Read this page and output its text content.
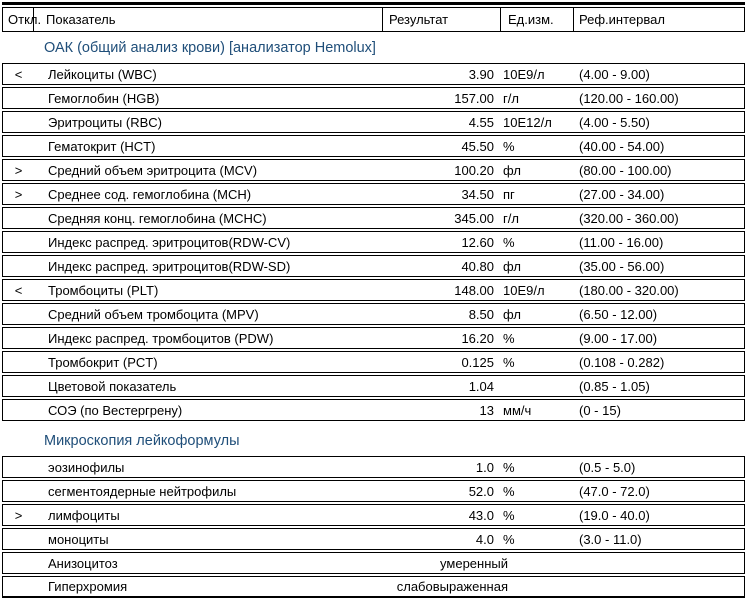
Откл. Показатель	Результат	Ед.изм.	Реф.интервал
ОАК (общий анализ крови) [анализатор Hemolux]
<	Лейкоциты (WBC)	3.90 10E9/л	(4.00 - 9.00)
Гемоглобин (HGB)	157.00 г/л	(120.00 - 160.00)
Эритроциты (RBC)	4.55 10E12/л	(4.00 - 5.50)
Гематокрит (HCT)	45.50 %	(40.00 - 54.00)
>	Средний объем эритроцита (MCV)	100.20 фл	(80.00 - 100.00)
>	Среднее сод. гемоглобина (MCH)	34.50 пг	(27.00 - 34.00)
Средняя конц. гемоглобина (MCHC)	345.00 г/л	(320.00 - 360.00)
Индекс распред. эритроцитов(RDW-CV)	12.60 %	(11.00 - 16.00)
Индекс распред. эритроцитов(RDW-SD)	40.80 фл	(35.00 - 56.00)
<	Тромбоциты (PLT)	148.00 10E9/л	(180.00 - 320.00)
Средний объем тромбоцита (MPV)	8.50 фл	(6.50 - 12.00)
Индекс распред. тромбоцитов (PDW)	16.20 %	(9.00 - 17.00)
Тромбокрит (PCT)	0.125 %	(0.108 - 0.282)
Цветовой показатель	1.04	(0.85 - 1.05)
СОЭ (по Вестергрену)	13 мм/ч	(0 - 15)
Микроскопия лейкоформулы
эозинофилы	1.0 %	(0.5 - 5.0)
сегментоядерные нейтрофилы	52.0 %	(47.0 - 72.0)
>	лимфоциты	43.0 %	(19.0 - 40.0)
моноциты	4.0 %	(3.0 - 11.0)
Анизоцитоз	умеренный
Гиперхромия	слабовыраженная
